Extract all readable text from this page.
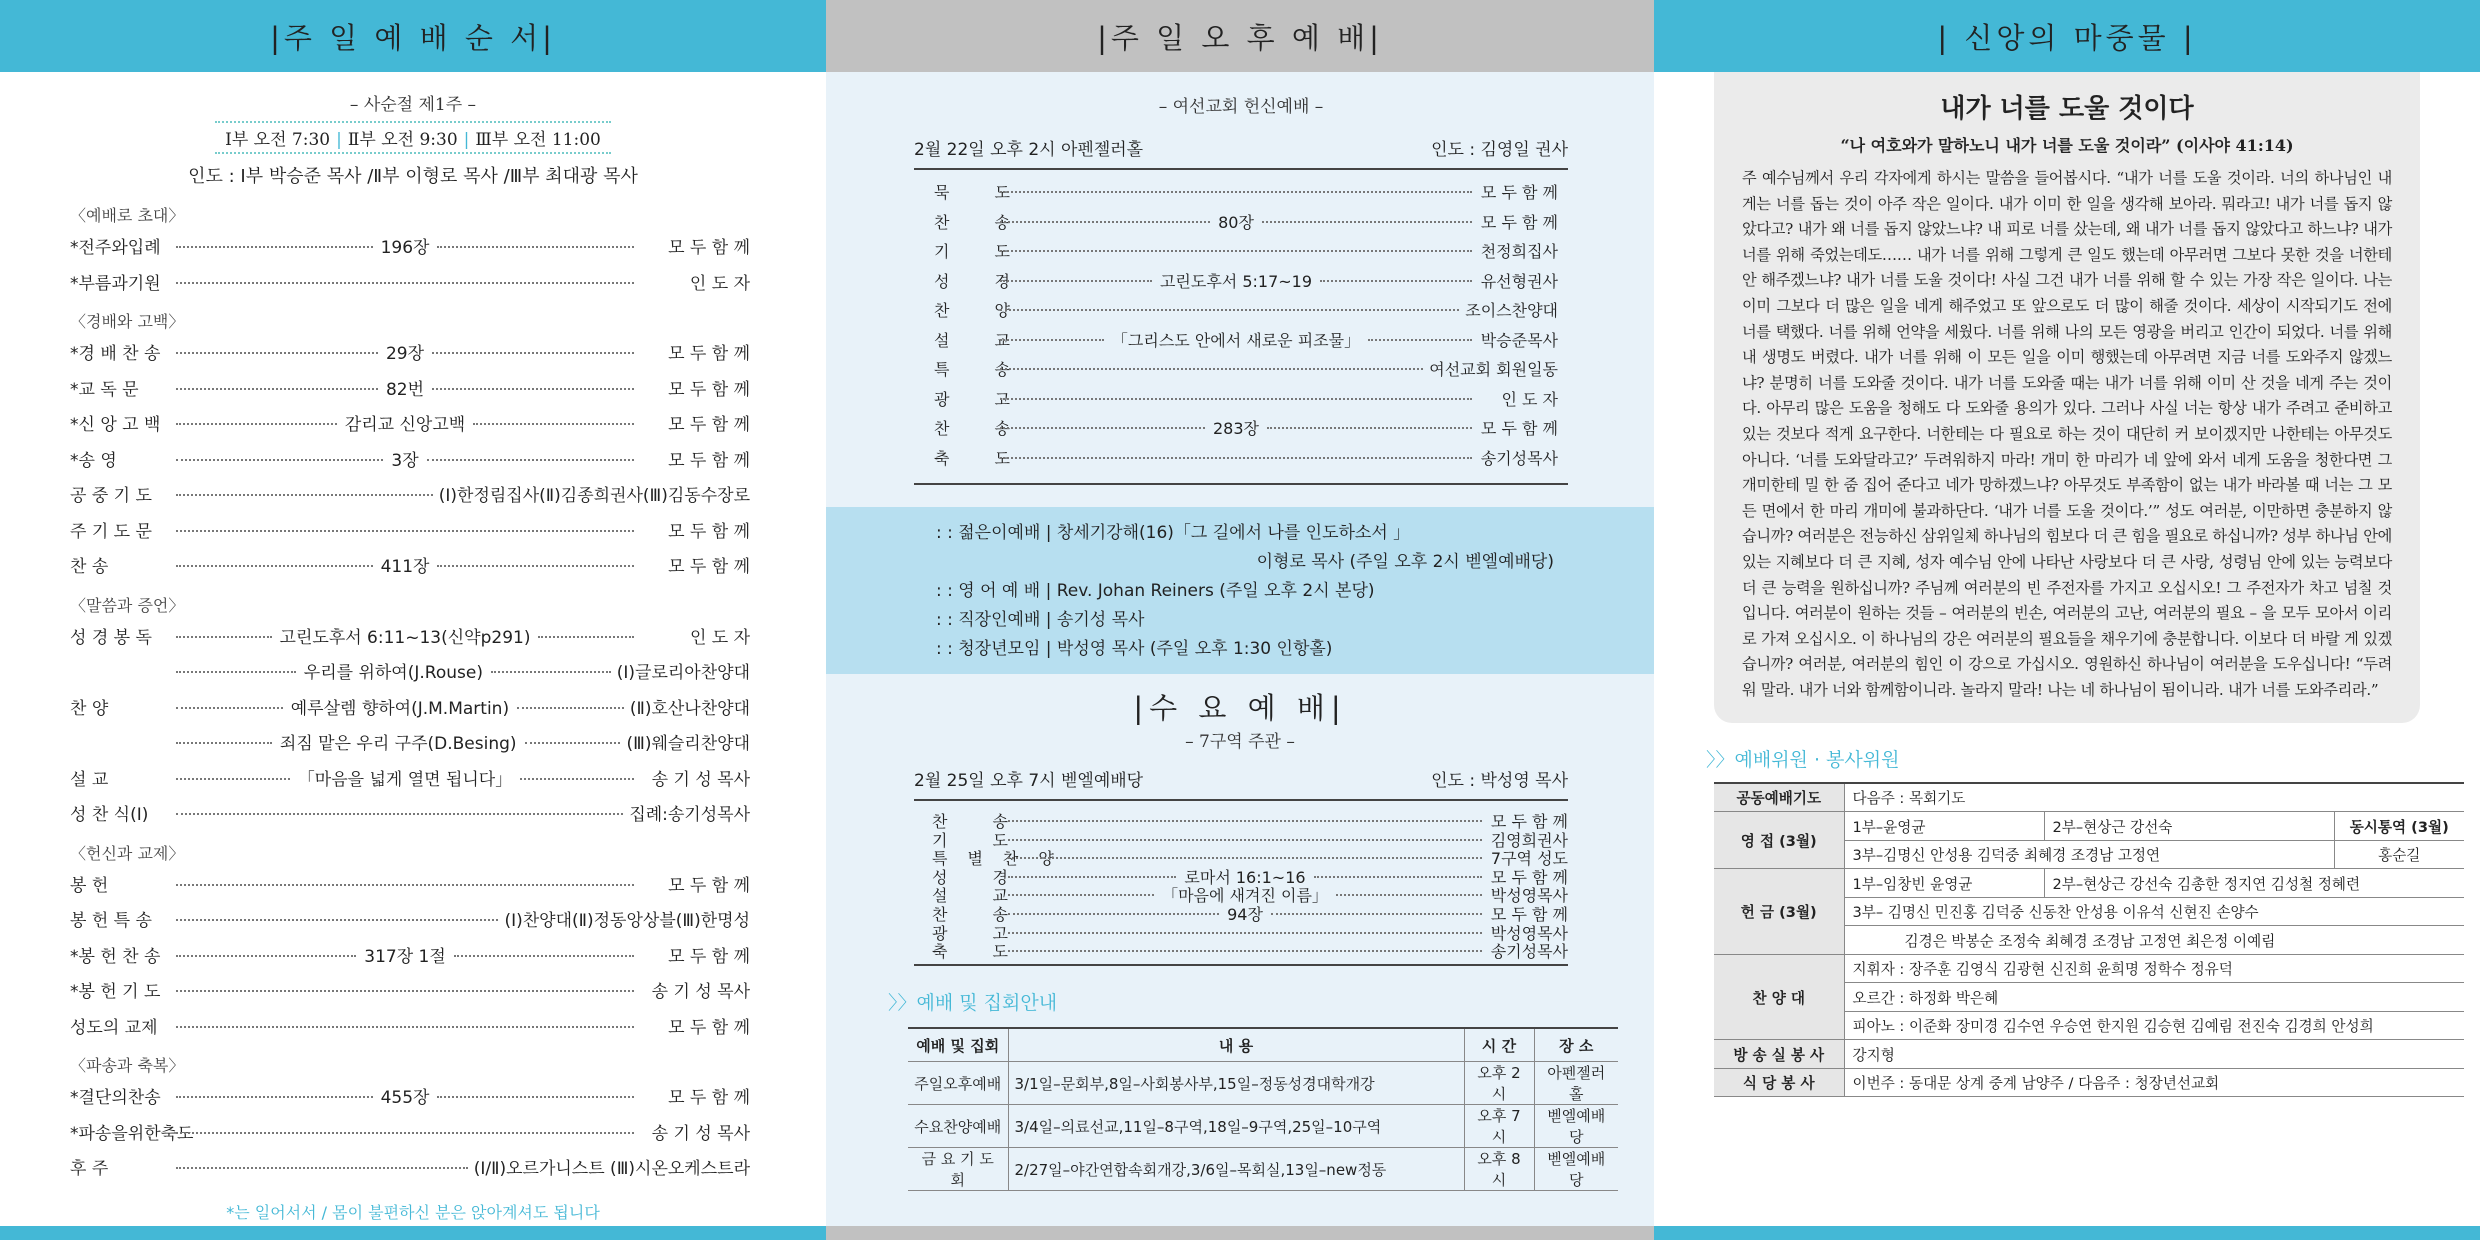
|주 일 예 배 순 서|
– 사순절 제1주 –
Ⅰ부 오전 7:30 | Ⅱ부 오전 9:30 | Ⅲ부 오전 11:00
인도 : Ⅰ부 박승준 목사 /Ⅱ부 이형로 목사 /Ⅲ부 최대광 목사
〈예배로 초대〉
*전주와입례	196장	모 두 함 께
*부름과기원	인 도 자
〈경배와 고백〉
*경 배 찬 송	29장	모 두 함 께
*교 독 문	82번	모 두 함 께
*신 앙 고 백	감리교 신앙고백	모 두 함 께
*송 영	3장	모 두 함 께
공 중 기 도	(Ⅰ)한정림집사(Ⅱ)김종희권사(Ⅲ)김동수장로
주 기 도 문	모 두 함 께
찬 송	411장	모 두 함 께
〈말씀과 증언〉
성 경 봉 독	고린도후서 6:11~13(신약p291)	인 도 자
우리를 위하여(J.Rouse)	(Ⅰ)글로리아찬양대
찬 양	예루살렘 향하여(J.M.Martin)	(Ⅱ)호산나찬양대
죄짐 맡은 우리 구주(D.Besing)	(Ⅲ)웨슬리찬양대
설 교	「마음을 넓게 열면 됩니다」	송 기 성 목사
성 찬 식(Ⅰ)	집례:송기성목사
〈헌신과 교제〉
봉 헌	모 두 함 께
봉 헌 특 송	(Ⅰ)찬양대(Ⅱ)정동앙상블(Ⅲ)한명성
*봉 헌 찬 송	317장 1절	모 두 함 께
*봉 헌 기 도	송 기 성 목사
성도의 교제	모 두 함 께
〈파송과 축복〉
*결단의찬송	455장	모 두 함 께
*파송을위한축도	송 기 성 목사
후 주	(Ⅰ/Ⅱ)오르가니스트 (Ⅲ)시온오케스트라
*는 일어서서 / 몸이 불편하신 분은 앉아계셔도 됩니다
|주 일 오 후 예 배|
– 여선교회 헌신예배 –
2월 22일 오후 2시 아펜젤러홀	인도 : 김영일 권사
묵 도	모 두 함 께
찬 송	80장	모 두 함 께
기 도	천정희집사
성 경	고린도후서 5:17~19	유선형권사
찬 양	조이스찬양대
설 교	「그리스도 안에서 새로운 피조물」	박승준목사
특 송	여선교회 회원일동
광 고	인 도 자
찬 송	283장	모 두 함 께
축 도	송기성목사
: : 젊은이예배 | 창세기강해(16)「그 길에서 나를 인도하소서 」
이형로 목사 (주일 오후 2시 벧엘예배당)
: : 영 어 예 배 | Rev. Johan Reiners (주일 오후 2시 본당)
: : 직장인예배 | 송기성 목사
: : 청장년모임 | 박성영 목사 (주일 오후 1:30 인항홀)
|수 요 예 배|
– 7구역 주관 –
2월 25일 오후 7시 벧엘예배당	인도 : 박성영 목사
찬 송	모 두 함 께
기 도	김영희권사
특별찬양	7구역 성도
성 경	로마서 16:1~16	모 두 함 께
설 교	「마음에 새겨진 이름」	박성영목사
찬 송	94장	모 두 함 께
광 고	박성영목사
축 도	송기성목사
〉〉예배 및 집회안내
예배 및 집회	내 용	시 간	장 소
주일오후예배	3/1일–문회부,8일–사회봉사부,15일–정동성경대학개강	오후 2시	아펜젤러홀
수요찬양예배	3/4일–의료선교,11일–8구역,18일–9구역,25일–10구역	오후 7시	벧엘예배당
금 요 기 도 회	2/27일–야간연합속회개강,3/6일–목회실,13일–new정동	오후 8시	벧엘예배당
| 신앙의 마중물 |
내가 너를 도울 것이다
“나 여호와가 말하노니 내가 너를 도울 것이라” (이사야 41:14)

주 예수님께서 우리 각자에게 하시는 말씀을 들어봅시다. “내가 너를 도울 것이라. 너의 하나님인 내게는 너를 돕는 것이 아주 작은 일이다. 내가 이미 한 일을 생각해 보아라. 뭐라고! 내가 너를 돕지 않았다고? 내가 왜 너를 돕지 않았느냐? 내 피로 너를 샀는데, 왜 내가 너를 돕지 않았다고 하느냐? 내가 너를 위해 죽었는데도…… 내가 너를 위해 그렇게 큰 일도 했는데 아무러면 그보다 못한 것을 너한테 안 해주겠느냐? 내가 너를 도울 것이다! 사실 그건 내가 너를 위해 할 수 있는 가장 작은 일이다. 나는 이미 그보다 더 많은 일을 네게 해주었고 또 앞으로도 더 많이 해줄 것이다. 세상이 시작되기도 전에 너를 택했다. 너를 위해 언약을 세웠다. 너를 위해 나의 모든 영광을 버리고 인간이 되었다. 너를 위해 내 생명도 버렸다. 내가 너를 위해 이 모든 일을 이미 행했는데 아무려면 지금 너를 도와주지 않겠느냐? 분명히 너를 도와줄 것이다. 내가 너를 도와줄 때는 내가 너를 위해 이미 산 것을 네게 주는 것이다. 아무리 많은 도움을 청해도 다 도와줄 용의가 있다. 그러나 사실 너는 항상 내가 주려고 준비하고 있는 것보다 적게 요구한다. 너한테는 다 필요로 하는 것이 대단히 커 보이겠지만 나한테는 아무것도 아니다. ‘너를 도와달라고?’ 두려워하지 마라! 개미 한 마리가 네 앞에 와서 네게 도움을 청한다면 그 개미한테 밀 한 줌 집어 준다고 네가 망하겠느냐? 아무것도 부족함이 없는 내가 바라볼 때 너는 그 모든 면에서 한 마리 개미에 불과하단다. ‘내가 너를 도울 것이다.’” 성도 여러분, 이만하면 충분하지 않습니까? 여러분은 전능하신 삼위일체 하나님의 힘보다 더 큰 힘을 필요로 하십니까? 성부 하나님 안에 있는 지혜보다 더 큰 지혜, 성자 예수님 안에 나타난 사랑보다 더 큰 사랑, 성령님 안에 있는 능력보다 더 큰 능력을 원하십니까? 주님께 여러분의 빈 주전자를 가지고 오십시오! 그 주전자가 차고 넘칠 것입니다. 여러분이 원하는 것들 – 여러분의 빈손, 여러분의 고난, 여러분의 필요 – 을 모두 모아서 이리로 가져 오십시오. 이 하나님의 강은 여러분의 필요들을 채우기에 충분합니다. 이보다 더 바랄 게 있겠습니까? 여러분, 여러분의 힘인 이 강으로 가십시오. 영원하신 하나님이 여러분을 도우십니다! “두려워 말라. 내가 너와 함께함이니라. 놀라지 말라! 나는 네 하나님이 됨이니라. 내가 너를 도와주리라.”

〉〉예배위원 · 봉사위원
공동예배기도	다음주 : 목회기도		
영 접 (3월)	1부–윤영균	2부–현상근 강선숙	동시통역 (3월)
	3부–김명신 안성용 김덕중 최혜경 조경남 고정연		홍순길
헌 금 (3월)	1부–임창빈 윤영균	2부–현상근 강선숙 김총한 정지연 김성철 정혜련	
	3부– 김명신 민진홍 김덕중 신동찬 안성용 이유석 신현진 손양수		
	김경은 박봉순 조정숙 최혜경 조경남 고정연 최은정 이예림		
찬 양 대	지휘자 : 장주훈 김영식 김광현 신진희 윤희명 정학수 정유덕		
	오르간 : 하정화 박은혜		
	피아노 : 이준화 장미경 김수연 우승연 한지원 김승현 김예림 전진숙 김경희 안성희		
방 송 실 봉 사	강지형		
식 당 봉 사	이번주 : 동대문 상계 중계 남양주 / 다음주 : 청장년선교회		
